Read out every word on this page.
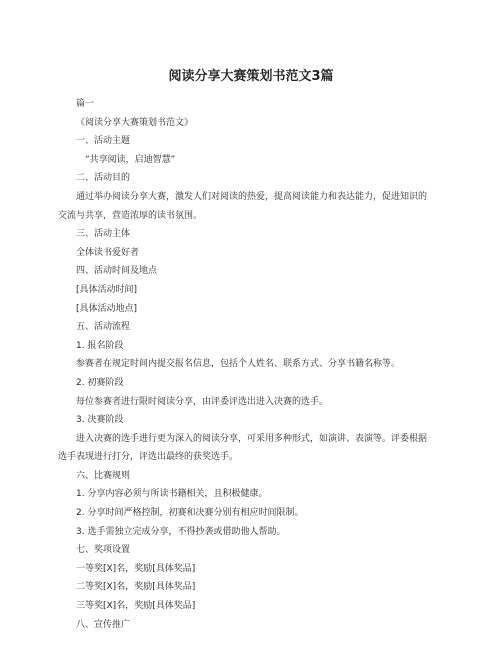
阅读分享大赛策划书范文3篇
篇一
《阅读分享大赛策划书范文》
一、活动主题
“共享阅读，启迪智慧”
二、活动目的
通过举办阅读分享大赛，激发人们对阅读的热爱，提高阅读能力和表达能力，促进知识的交流与共享，营造浓厚的读书氛围。
三、活动主体
全体读书爱好者
四、活动时间及地点
[具体活动时间]
[具体活动地点]
五、活动流程
1. 报名阶段
参赛者在规定时间内提交报名信息，包括个人姓名、联系方式、分享书籍名称等。
2. 初赛阶段
每位参赛者进行限时阅读分享，由评委评选出进入决赛的选手。
3. 决赛阶段
进入决赛的选手进行更为深入的阅读分享，可采用多种形式，如演讲、表演等。评委根据选手表现进行打分，评选出最终的获奖选手。
六、比赛规则
1. 分享内容必须与所读书籍相关，且积极健康。
2. 分享时间严格控制，初赛和决赛分别有相应时间限制。
3. 选手需独立完成分享，不得抄袭或借助他人帮助。
七、奖项设置
一等奖[X]名，奖励[具体奖品]
二等奖[X]名，奖励[具体奖品]
三等奖[X]名，奖励[具体奖品]
八、宣传推广
